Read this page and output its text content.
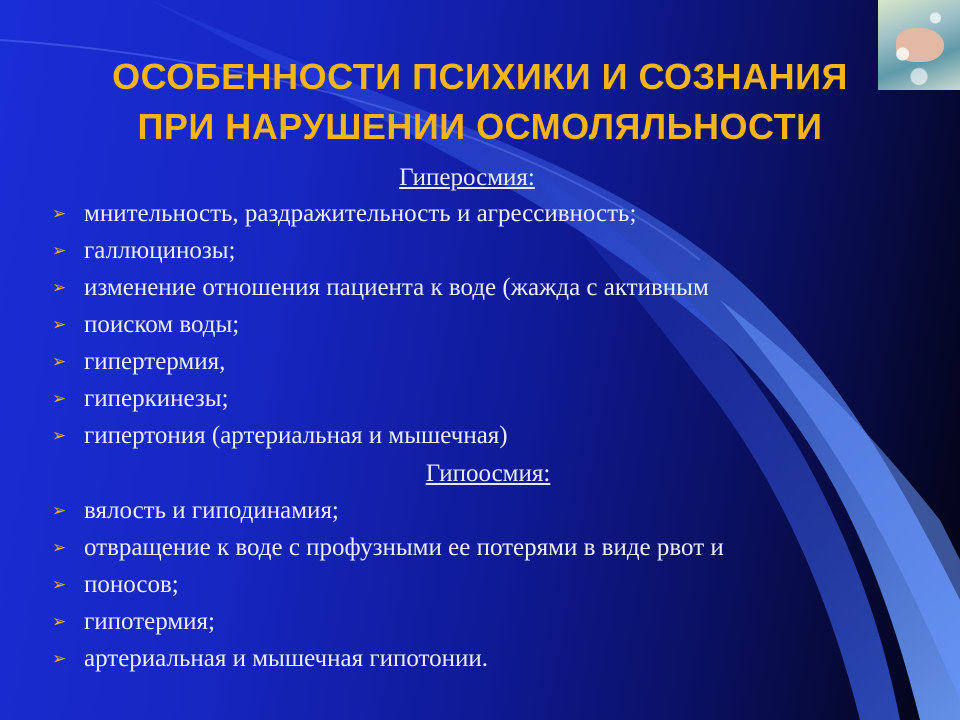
ОСОБЕННОСТИ ПСИХИКИ И СОЗНАНИЯ
ПРИ НАРУШЕНИИ ОСМОЛЯЛЬНОСТИ
Гиперосмия:
➢ мнительность, раздражительность и агрессивность;
➢ галлюцинозы;
➢ изменение отношения пациента к воде (жажда с активным
➢ поиском воды;
➢ гипертермия,
➢ гиперкинезы;
➢ гипертония (артериальная и мышечная)
Гипоосмия:
➢ вялость и гиподинамия;
➢ отвращение к воде с профузными ее потерями в виде рвот и
➢ поносов;
➢ гипотермия;
➢ артериальная и мышечная гипотонии.
